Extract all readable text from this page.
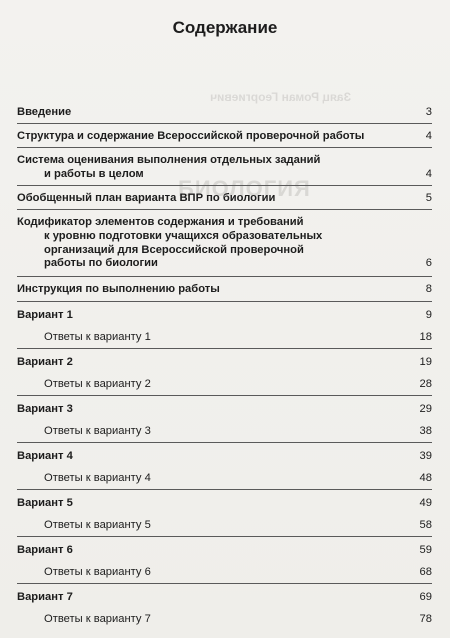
БИОЛОГИЯ
Заяц Роман Георгиевич
Содержание
Введение	3
Структура и содержание Всероссийской проверочной работы	4
Система оценивания выполнения отдельных заданий
и работы в целом	4
Обобщенный план варианта ВПР по биологии	5
Кодификатор элементов содержания и требований
к уровню подготовки учащихся образовательных
организаций для Всероссийской проверочной
работы по биологии	6
Инструкция по выполнению работы	8
Вариант 1	9
Ответы к варианту 1	18
Вариант 2	19
Ответы к варианту 2	28
Вариант 3	29
Ответы к варианту 3	38
Вариант 4	39
Ответы к варианту 4	48
Вариант 5	49
Ответы к варианту 5	58
Вариант 6	59
Ответы к варианту 6	68
Вариант 7	69
Ответы к варианту 7	78
